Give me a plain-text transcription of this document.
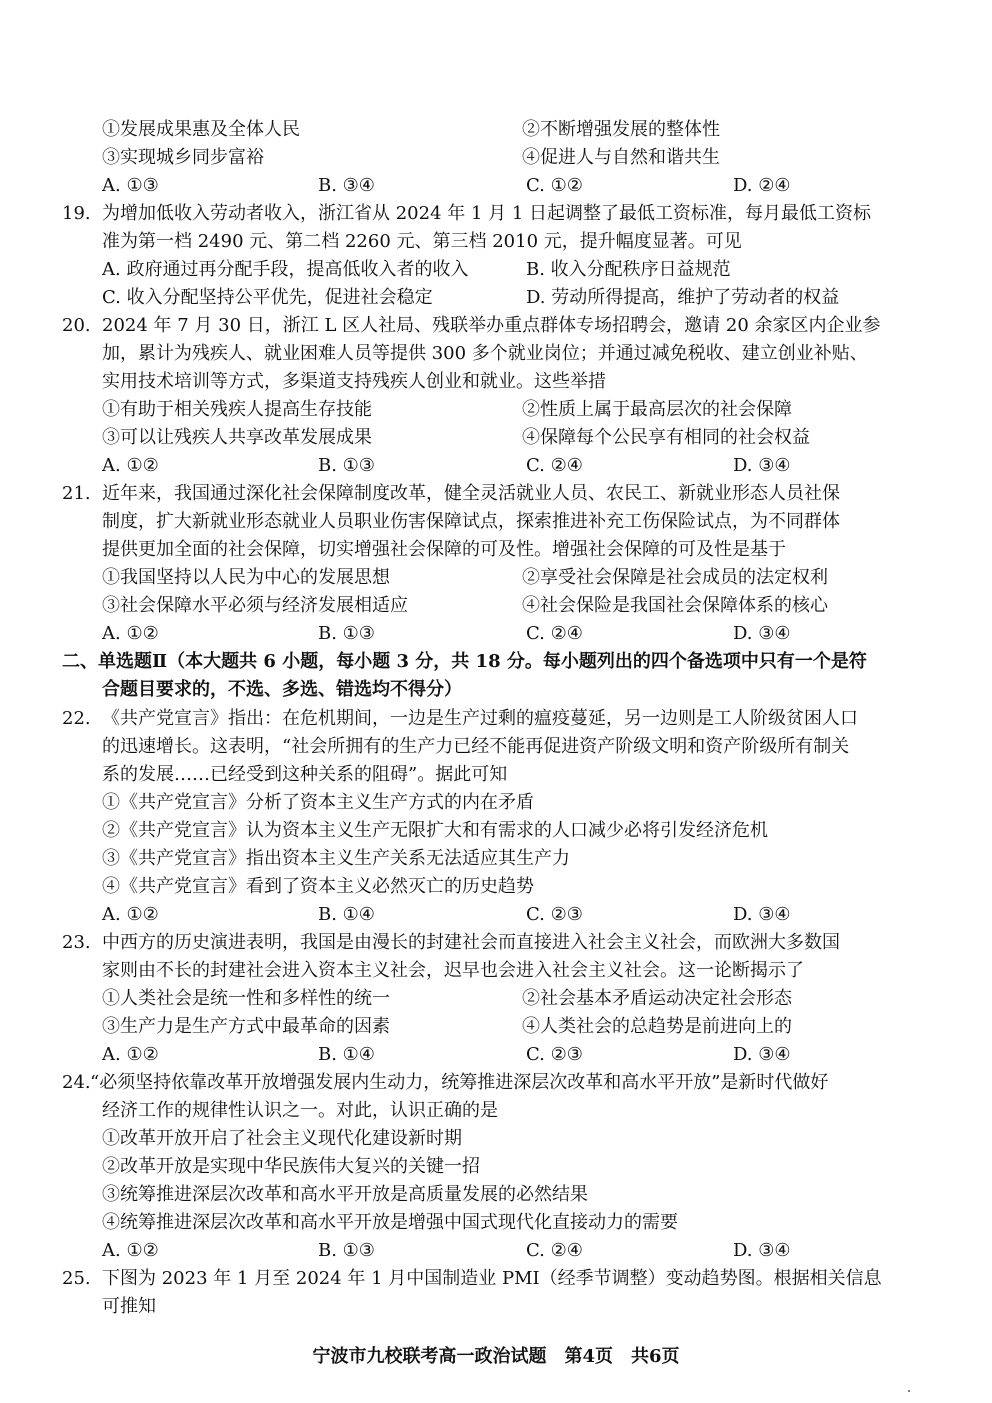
①发展成果惠及全体人民	②不断增强发展的整体性
③实现城乡同步富裕	④促进人与自然和谐共生
A. ①③	B. ③④	C. ①②	D. ②④
19. 为增加低收入劳动者收入，浙江省从 2024 年 1 月 1 日起调整了最低工资标准，每月最低工资标
准为第一档 2490 元、第二档 2260 元、第三档 2010 元，提升幅度显著。可见
A. 政府通过再分配手段，提高低收入者的收入	B. 收入分配秩序日益规范
C. 收入分配坚持公平优先，促进社会稳定	D. 劳动所得提高，维护了劳动者的权益
20. 2024 年 7 月 30 日，浙江 L 区人社局、残联举办重点群体专场招聘会，邀请 20 余家区内企业参
加，累计为残疾人、就业困难人员等提供 300 多个就业岗位；并通过减免税收、建立创业补贴、
实用技术培训等方式，多渠道支持残疾人创业和就业。这些举措
①有助于相关残疾人提高生存技能	②性质上属于最高层次的社会保障
③可以让残疾人共享改革发展成果	④保障每个公民享有相同的社会权益
A. ①②	B. ①③	C. ②④	D. ③④
21. 近年来，我国通过深化社会保障制度改革，健全灵活就业人员、农民工、新就业形态人员社保
制度，扩大新就业形态就业人员职业伤害保障试点，探索推进补充工伤保险试点，为不同群体
提供更加全面的社会保障，切实增强社会保障的可及性。增强社会保障的可及性是基于
①我国坚持以人民为中心的发展思想	②享受社会保障是社会成员的法定权利
③社会保障水平必须与经济发展相适应	④社会保险是我国社会保障体系的核心
A. ①②	B. ①③	C. ②④	D. ③④
二、单选题Ⅱ（本大题共 6 小题，每小题 3 分，共 18 分。每小题列出的四个备选项中只有一个是符
合题目要求的，不选、多选、错选均不得分）
22. 《共产党宣言》指出：在危机期间，一边是生产过剩的瘟疫蔓延，另一边则是工人阶级贫困人口
的迅速增长。这表明，“社会所拥有的生产力已经不能再促进资产阶级文明和资产阶级所有制关
系的发展……已经受到这种关系的阻碍”。据此可知
①《共产党宣言》分析了资本主义生产方式的内在矛盾
②《共产党宣言》认为资本主义生产无限扩大和有需求的人口减少必将引发经济危机
③《共产党宣言》指出资本主义生产关系无法适应其生产力
④《共产党宣言》看到了资本主义必然灭亡的历史趋势
A. ①②	B. ①④	C. ②③	D. ③④
23. 中西方的历史演进表明，我国是由漫长的封建社会而直接进入社会主义社会，而欧洲大多数国
家则由不长的封建社会进入资本主义社会，迟早也会进入社会主义社会。这一论断揭示了
①人类社会是统一性和多样性的统一	②社会基本矛盾运动决定社会形态
③生产力是生产方式中最革命的因素	④人类社会的总趋势是前进向上的
A. ①②	B. ①④	C. ②③	D. ③④
24. “必须坚持依靠改革开放增强发展内生动力，统筹推进深层次改革和高水平开放”是新时代做好
经济工作的规律性认识之一。对此，认识正确的是
①改革开放开启了社会主义现代化建设新时期
②改革开放是实现中华民族伟大复兴的关键一招
③统筹推进深层次改革和高水平开放是高质量发展的必然结果
④统筹推进深层次改革和高水平开放是增强中国式现代化直接动力的需要
A. ①②	B. ①③	C. ②④	D. ③④
25. 下图为 2023 年 1 月至 2024 年 1 月中国制造业 PMI（经季节调整）变动趋势图。根据相关信息
可推知
宁波市九校联考高一政治试题　第4页　共6页
